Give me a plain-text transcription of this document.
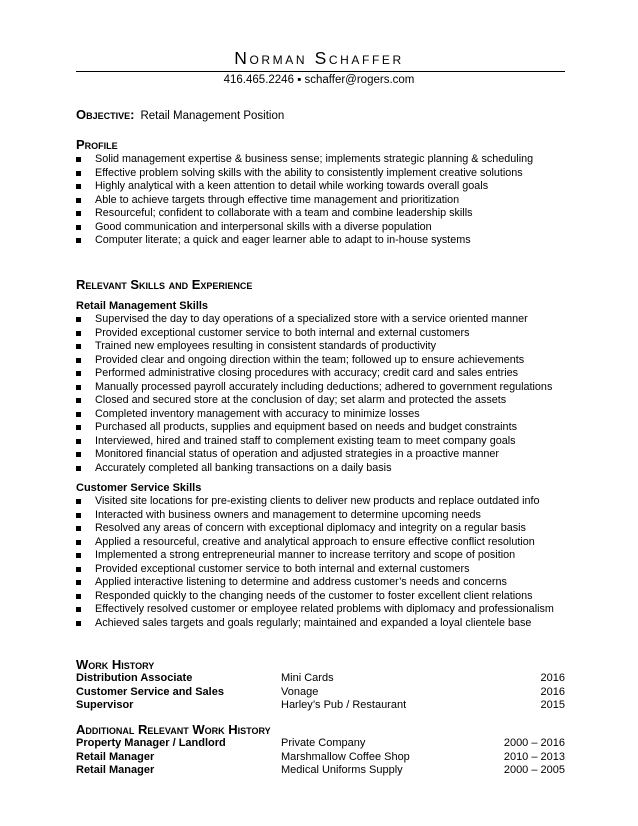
Norman Schaffer
416.465.2246 ▪ schaffer@rogers.com
Objective: Retail Management Position
Profile
Solid management expertise & business sense; implements strategic planning & scheduling
Effective problem solving skills with the ability to consistently implement creative solutions
Highly analytical with a keen attention to detail while working towards overall goals
Able to achieve targets through effective time management and prioritization
Resourceful; confident to collaborate with a team and combine leadership skills
Good communication and interpersonal skills with a diverse population
Computer literate; a quick and eager learner able to adapt to in-house systems
Relevant Skills and Experience
Retail Management Skills
Supervised the day to day operations of a specialized store with a service oriented manner
Provided exceptional customer service to both internal and external customers
Trained new employees resulting in consistent standards of productivity
Provided clear and ongoing direction within the team; followed up to ensure achievements
Performed administrative closing procedures with accuracy; credit card and sales entries
Manually processed payroll accurately including deductions; adhered to government regulations
Closed and secured store at the conclusion of day; set alarm and protected the assets
Completed inventory management with accuracy to minimize losses
Purchased all products, supplies and equipment based on needs and budget constraints
Interviewed, hired and trained staff to complement existing team to meet company goals
Monitored financial status of operation and adjusted strategies in a proactive manner
Accurately completed all banking transactions on a daily basis
Customer Service Skills
Visited site locations for pre-existing clients to deliver new products and replace outdated info
Interacted with business owners and management to determine upcoming needs
Resolved any areas of concern with exceptional diplomacy and integrity on a regular basis
Applied a resourceful, creative and analytical approach to ensure effective conflict resolution
Implemented a strong entrepreneurial manner to increase territory and scope of position
Provided exceptional customer service to both internal and external customers
Applied interactive listening to determine and address customer’s needs and concerns
Responded quickly to the changing needs of the customer to foster excellent client relations
Effectively resolved customer or employee related problems with diplomacy and professionalism
Achieved sales targets and goals regularly; maintained and expanded a loyal clientele base
Work History
Distribution Associate	Mini Cards	2016
Customer Service and Sales	Vonage	2016
Supervisor	Harley’s Pub / Restaurant	2015
Additional Relevant Work History
Property Manager / Landlord	Private Company	2000 – 2016
Retail Manager	Marshmallow Coffee Shop	2010 – 2013
Retail Manager	Medical Uniforms Supply	2000 – 2005
